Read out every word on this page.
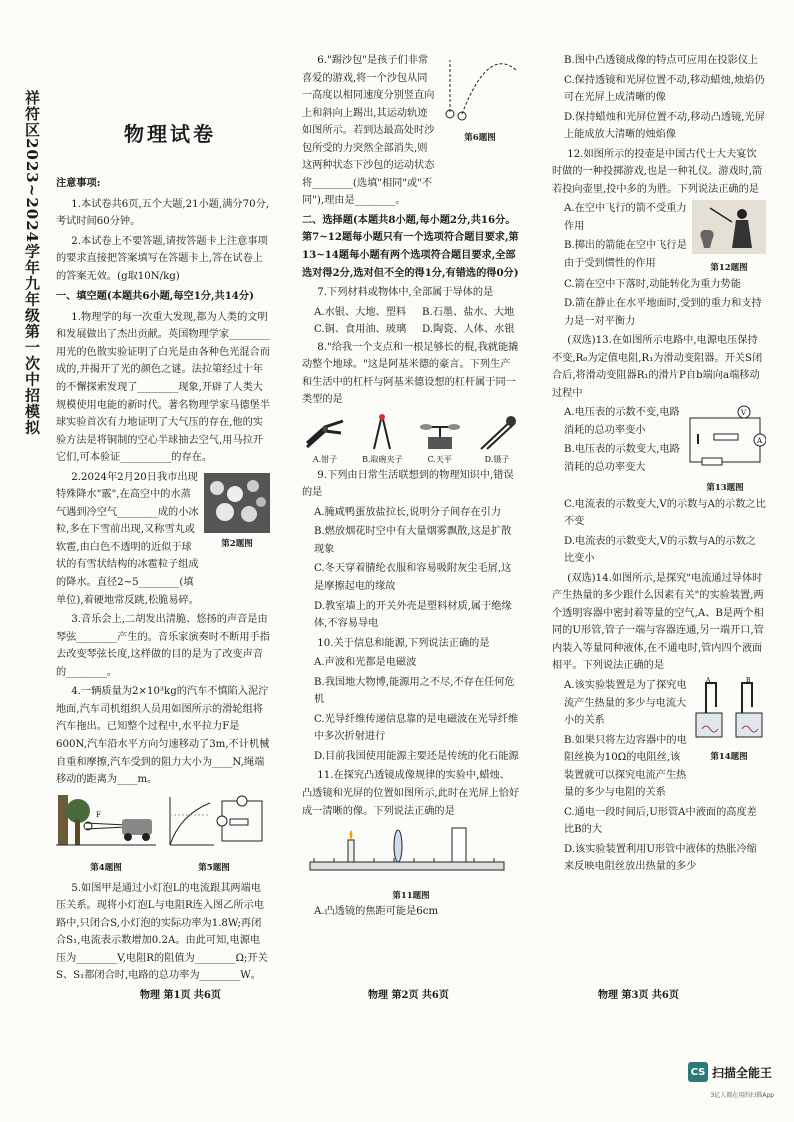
祥符区2023~2024学年九年级第一次中招模拟	物理试卷

注意事项:

1.本试卷共6页,五个大题,21小题,满分70分,考试时间60分钟。

2.本试卷上不要答题,请按答题卡上注意事项的要求直接把答案填写在答题卡上,答在试卷上的答案无效。(g取10N/kg)

一、填空题(本题共6小题,每空1分,共14分)

1.物理学的每一次重大发现,都为人类的文明和发展做出了杰出贡献。英国物理学家________用光的色散实验证明了白光是由各种色光混合而成的,并揭开了光的颜色之谜。法拉第经过十年的不懈探索发现了________现象,开辟了人类大规模使用电能的新时代。著名物理学家马德堡半球实验首次有力地证明了大气压的存在,他的实验方法是将铜制的空心半球抽去空气,用马拉开它们,可本验证__________的存在。

2.2024年2月20日我市出现特殊降水"霰",在高空中的水蒸气遇到冷空气________成的小冰粒,多在下雪前出现,又称雪丸或软雹,由白色不透明的近似于球状的有雪状结构的冰雹粒子组成的降水。直径2~5________(填单位),着硬地常反跳,松脆易碎。

第2题图

3.音乐会上,二胡发出清脆、悠扬的声音是由琴弦________产生的。音乐家演奏时不断用手指去改变琴弦长度,这样做的目的是为了改变声音的________。

4.一辆质量为2×10³kg的汽车不慎陷入泥泞地面,汽车司机组织人员用如图所示的滑轮组将汽车拖出。已知整个过程中,水平拉力F是600N,汽车沿水平方向匀速移动了3m,不计机械自重和摩擦,汽车受到的阻力大小为____N,绳端移动的距离为____m。

F
第4题图	第5题图

5.如图甲是通过小灯泡L的电流跟其两端电压关系。现将小灯泡L与电阻R连入图乙所示电路中,只闭合S,小灯泡的实际功率为1.8W;再闭合S₁,电流表示数增加0.2A。由此可知,电源电压为________V,电阻R的阻值为________Ω;开关S、S₁都闭合时,电路的总功率为________W。

6."踢沙包"是孩子们非常喜爱的游戏,将一个沙包从同一高度以相同速度分别竖直向上和斜向上踢出,其运动轨迹如图所示。若到达最高处时沙包所受的力突然全部消失,则这两种状态下沙包的运动状态将________(选填"相同"或"不同"),理由是________。

第6题图

二、选择题(本题共8小题,每小题2分,共16分。第7~12题每小题只有一个选项符合题目要求,第13~14题每小题有两个选项符合题目要求,全部选对得2分,选对但不全的得1分,有错选的得0分)

7.下列材料或物体中,全部属于导体的是

A.水银、大地、塑料	B.石墨、盐水、大地
C.铜、食用油、玻璃	D.陶瓷、人体、水银

8."给我一个支点和一根足够长的棍,我就能撬动整个地球。"这是阿基米德的豪言。下列生产和生活中的杠杆与阿基米德设想的杠杆属于同一类型的是

A.钳子	B.取碗夹子	C.天平	D.镊子

9.下列由日常生活联想到的物理知识中,错误的是

A.腌咸鸭蛋放盐拉长,说明分子间存在引力

B.燃放烟花时空中有大量烟雾飘散,这是扩散现象

C.冬天穿着腈纶衣服和容易吸附灰尘毛屑,这是摩擦起电的缘故

D.教室墙上的开关外壳是塑料材质,属于绝缘体,不容易导电

10.关于信息和能源,下列说法正确的是

A.声波和光都是电磁波

B.我国地大物博,能源用之不尽,不存在任何危机

C.光导纤维传递信息靠的是电磁波在光导纤维中多次折射进行

D.目前我国使用能源主要还是传统的化石能源

11.在探究凸透镜成像规律的实验中,蜡烛、凸透镜和光屏的位置如图所示,此时在光屏上恰好成一清晰的像。下列说法正确的是

第11题图

A.凸透镜的焦距可能是6cm

B.图中凸透镜成像的特点可应用在投影仪上

C.保持透镜和光屏位置不动,移动蜡烛,烛焰仍可在光屏上成清晰的像

D.保持蜡烛和光屏位置不动,移动凸透镜,光屏上能成放大清晰的烛焰像

12.如图所示的投壶是中国古代士大夫宴饮时做的一种投掷游戏,也是一种礼仪。游戏时,箭若投向壶里,投中多的为胜。下列说法正确的是

A.在空中飞行的箭不受重力作用

B.掷出的箭能在空中飞行是由于受到惯性的作用	第12题图

C.箭在空中下落时,动能转化为重力势能

D.箭在静止在水平地面时,受到的重力和支持力是一对平衡力

(双选)13.在如图所示电路中,电源电压保持不变,R₀为定值电阻,R₁为滑动变阻器。开关S闭合后,将滑动变阻器R₁的滑片P自b端向a端移动过程中

A.电压表的示数不变,电路消耗的总功率变小

B.电压表的示数变大,电路消耗的总功率变大

V
A
第13题图

C.电流表的示数变大,V的示数与A的示数之比不变

D.电流表的示数变大,V的示数与A的示数之比变小

(双选)14.如图所示,是探究"电流通过导体时产生热量的多少跟什么因素有关"的实验装置,两个透明容器中密封着等量的空气,A、B是两个相同的U形管,管子一端与容器连通,另一端开口,管内装入等量同种液体,在不通电时,管内四个液面相平。下列说法正确的是

A.该实验装置是为了探究电流产生热量的多少与电流大小的关系

B.如果只将左边容器中的电阻丝换为10Ω的电阻丝,该装置就可以探究电流产生热量的多少与电阻的关系

A	B
第14题图

C.通电一段时间后,U形管A中液面的高度差比B的大

D.该实验装置利用U形管中液体的热胀冷缩来反映电阻丝放出热量的多少

物理 第1页 共6页	物理 第2页 共6页	物理 第3页 共6页
CS 扫描全能王
3亿人都在用的扫描App
